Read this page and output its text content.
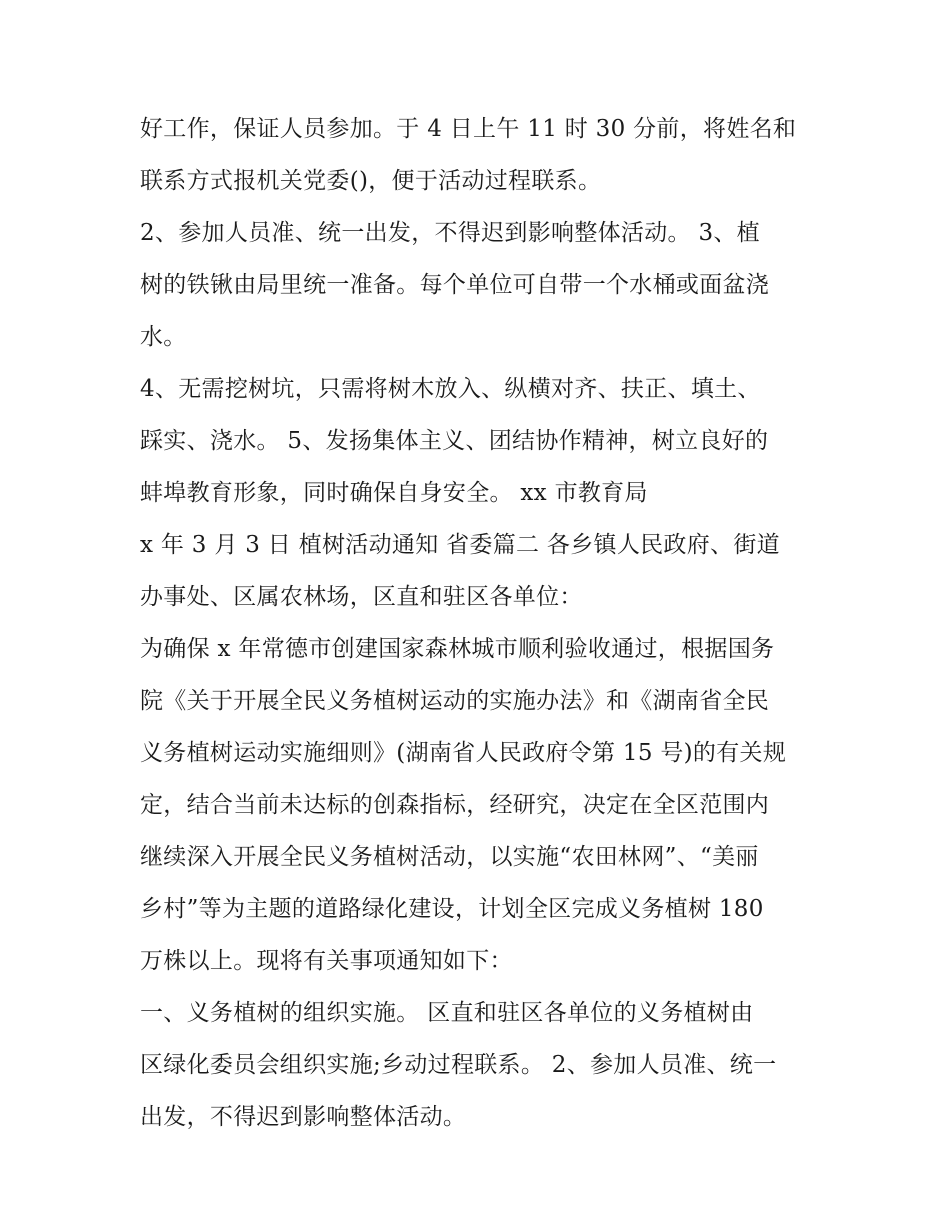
好工作，保证人员参加。于 4 日上午 11 时 30 分前，将姓名和
联系方式报机关党委()，便于活动过程联系。
2、参加人员准、统一出发，不得迟到影响整体活动。 3、植
树的铁锹由局里统一准备。每个单位可自带一个水桶或面盆浇
水。
4、无需挖树坑，只需将树木放入、纵横对齐、扶正、填土、
踩实、浇水。 5、发扬集体主义、团结协作精神，树立良好的
蚌埠教育形象，同时确保自身安全。 xx 市教育局
x 年 3 月 3 日 植树活动通知 省委篇二 各乡镇人民政府、街道
办事处、区属农林场，区直和驻区各单位：
为确保 x 年常德市创建国家森林城市顺利验收通过，根据国务
院《关于开展全民义务植树运动的实施办法》和《湖南省全民
义务植树运动实施细则》(湖南省人民政府令第 15 号)的有关规
定，结合当前未达标的创森指标，经研究，决定在全区范围内
继续深入开展全民义务植树活动，以实施“农田林网”、“美丽
乡村”等为主题的道路绿化建设，计划全区完成义务植树 180
万株以上。现将有关事项通知如下：
一、义务植树的组织实施。 区直和驻区各单位的义务植树由
区绿化委员会组织实施;乡动过程联系。 2、参加人员准、统一
出发，不得迟到影响整体活动。
